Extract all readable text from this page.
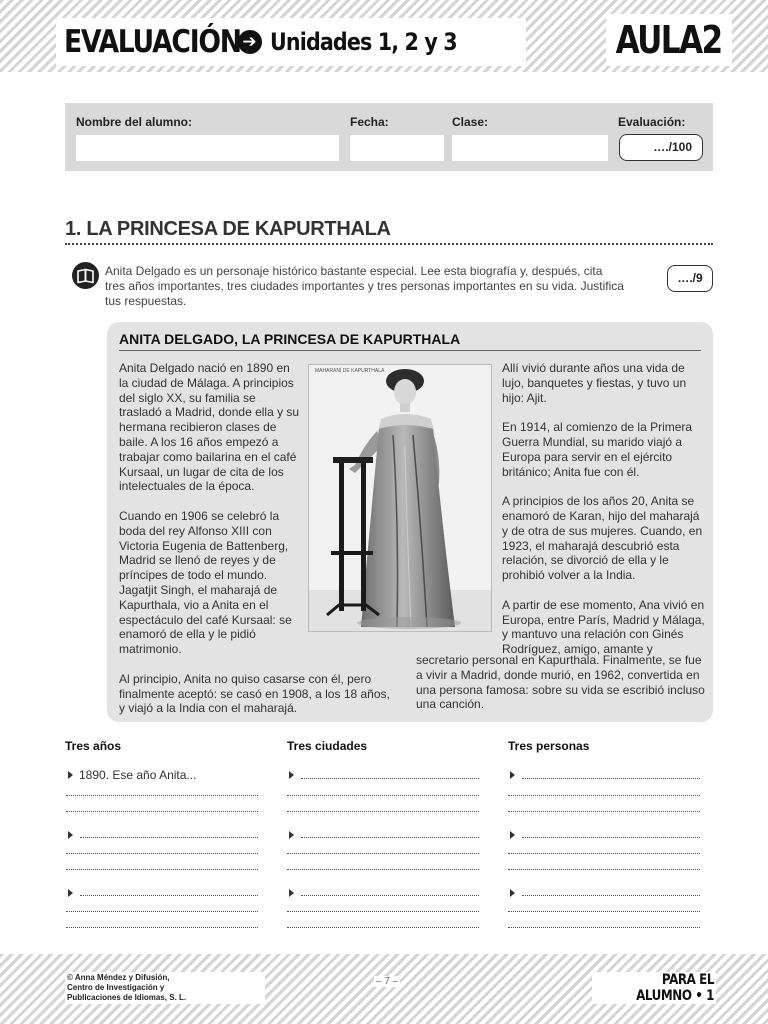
EVALUACIÓN ➔ Unidades 1, 2 y 3	AULA2
Nombre del alumno:	Fecha:	Clase:	Evaluación:
…./100
1. LA PRINCESA DE KAPURTHALA
Anita Delgado es un personaje histórico bastante especial. Lee esta biografía y, después, cita tres años importantes, tres ciudades importantes y tres personas importantes en su vida. Justifica tus respuestas.
…./9
ANITA DELGADO, LA PRINCESA DE KAPURTHALA

Anita Delgado nació en 1890 en la ciudad de Málaga. A principios del siglo XX, su familia se trasladó a Madrid, donde ella y su hermana recibieron clases de baile. A los 16 años empezó a trabajar como bailarina en el café Kursaal, un lugar de cita de los intelectuales de la época.

Cuando en 1906 se celebró la boda del rey Alfonso XIII con Victoria Eugenia de Battenberg, Madrid se llenó de reyes y de príncipes de todo el mundo. Jagatjit Singh, el maharajá de Kapurthala, vio a Anita en el espectáculo del café Kursaal: se enamoró de ella y le pidió matrimonio.

Al principio, Anita no quiso casarse con él, pero finalmente aceptó: se casó en 1908, a los 18 años, y viajó a la India con el maharajá.

MAHARANÍ DE KAPURTHALA	Allí vivió durante años una vida de lujo, banquetes y fiestas, y tuvo un hijo: Ajit.

En 1914, al comienzo de la Primera Guerra Mundial, su marido viajó a Europa para servir en el ejército británico; Anita fue con él.

A principios de los años 20, Anita se enamoró de Karan, hijo del maharajá y de otra de sus mujeres. Cuando, en 1923, el maharajá descubrió esta relación, se divorció de ella y le prohibió volver a la India.

A partir de ese momento, Ana vivió en Europa, entre París, Madrid y Málaga, y mantuvo una relación con Ginés Rodríguez, amigo, amante y

secretario personal en Kapurthala. Finalmente, se fue a vivir a Madrid, donde murió, en 1962, convertida en una persona famosa: sobre su vida se escribió incluso una canción.
Tres años	Tres ciudades	Tres personas
1890. Ese año Anita...
© Anna Méndez y Difusión,
Centro de Investigación y
Publicaciones de Idiomas, S. L.
– 7 –	PARA EL ALUMNO • 1
